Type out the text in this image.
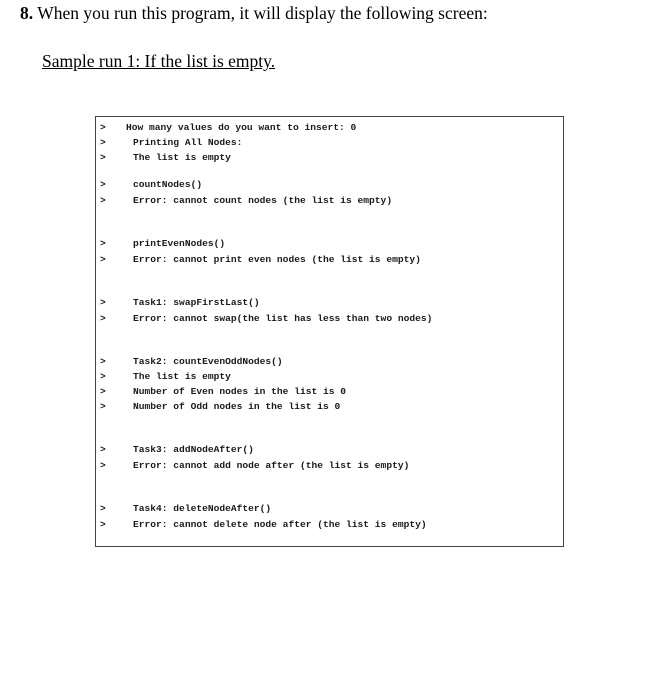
8. When you run this program, it will display the following screen:
Sample run 1: If the list is empty.
> How many values do you want to insert: 0
>	Printing All Nodes:
>	The list is empty
>	countNodes()
>	Error: cannot count nodes (the list is empty)
>	printEvenNodes()
>	Error: cannot print even nodes (the list is empty)
>	Task1: swapFirstLast()
>	Error: cannot swap(the list has less than two nodes)
>	Task2: countEvenOddNodes()
>	The list is empty
>	Number of Even nodes in the list is 0
>	Number of Odd nodes in the list is 0
>	Task3: addNodeAfter()
>	Error: cannot add node after (the list is empty)
>	Task4: deleteNodeAfter()
>	Error: cannot delete node after (the list is empty)
